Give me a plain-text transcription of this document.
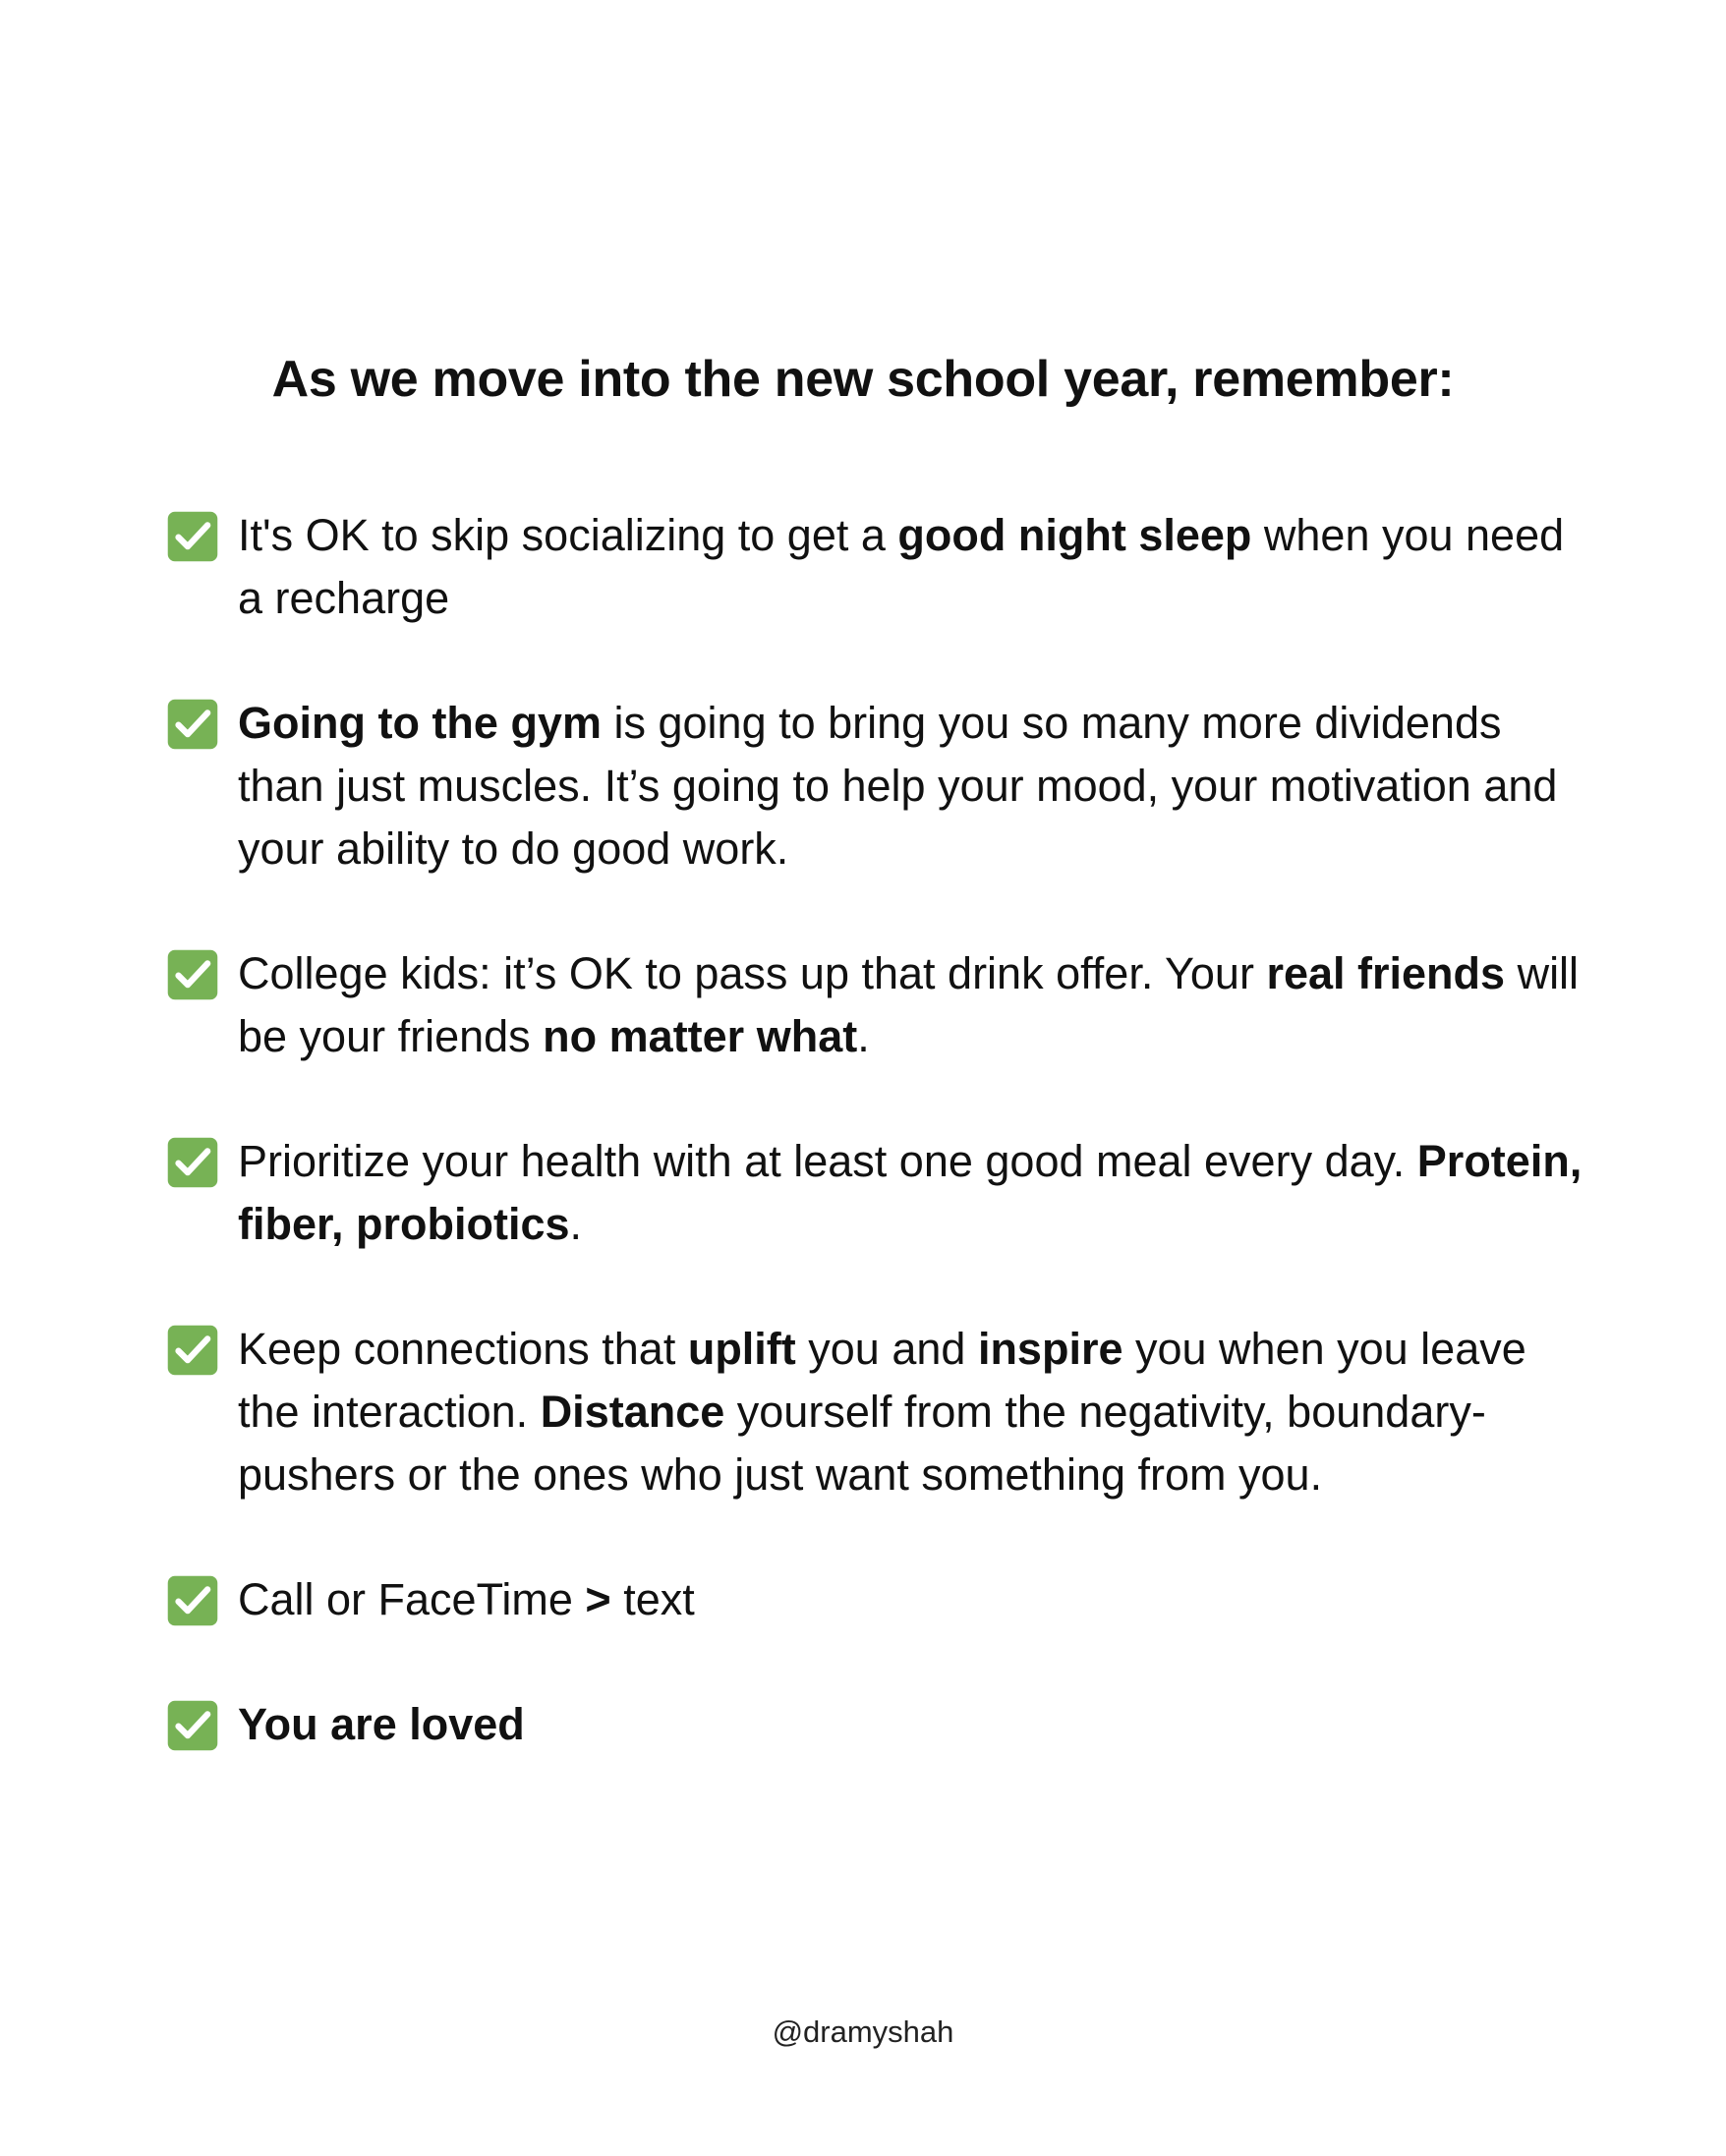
As we move into the new school year, remember:
It's OK to skip socializing to get a good night sleep when you need a recharge
Going to the gym is going to bring you so many more dividends than just muscles. It’s going to help your mood, your motivation and your ability to do good work.
College kids: it’s OK to pass up that drink offer. Your real friends will be your friends no matter what.
Prioritize your health with at least one good meal every day. Protein, fiber, probiotics.
Keep connections that uplift you and inspire you when you leave the interaction. Distance yourself from the negativity, boundary-pushers or the ones who just want something from you.
Call or FaceTime > text
You are loved
@dramyshah
